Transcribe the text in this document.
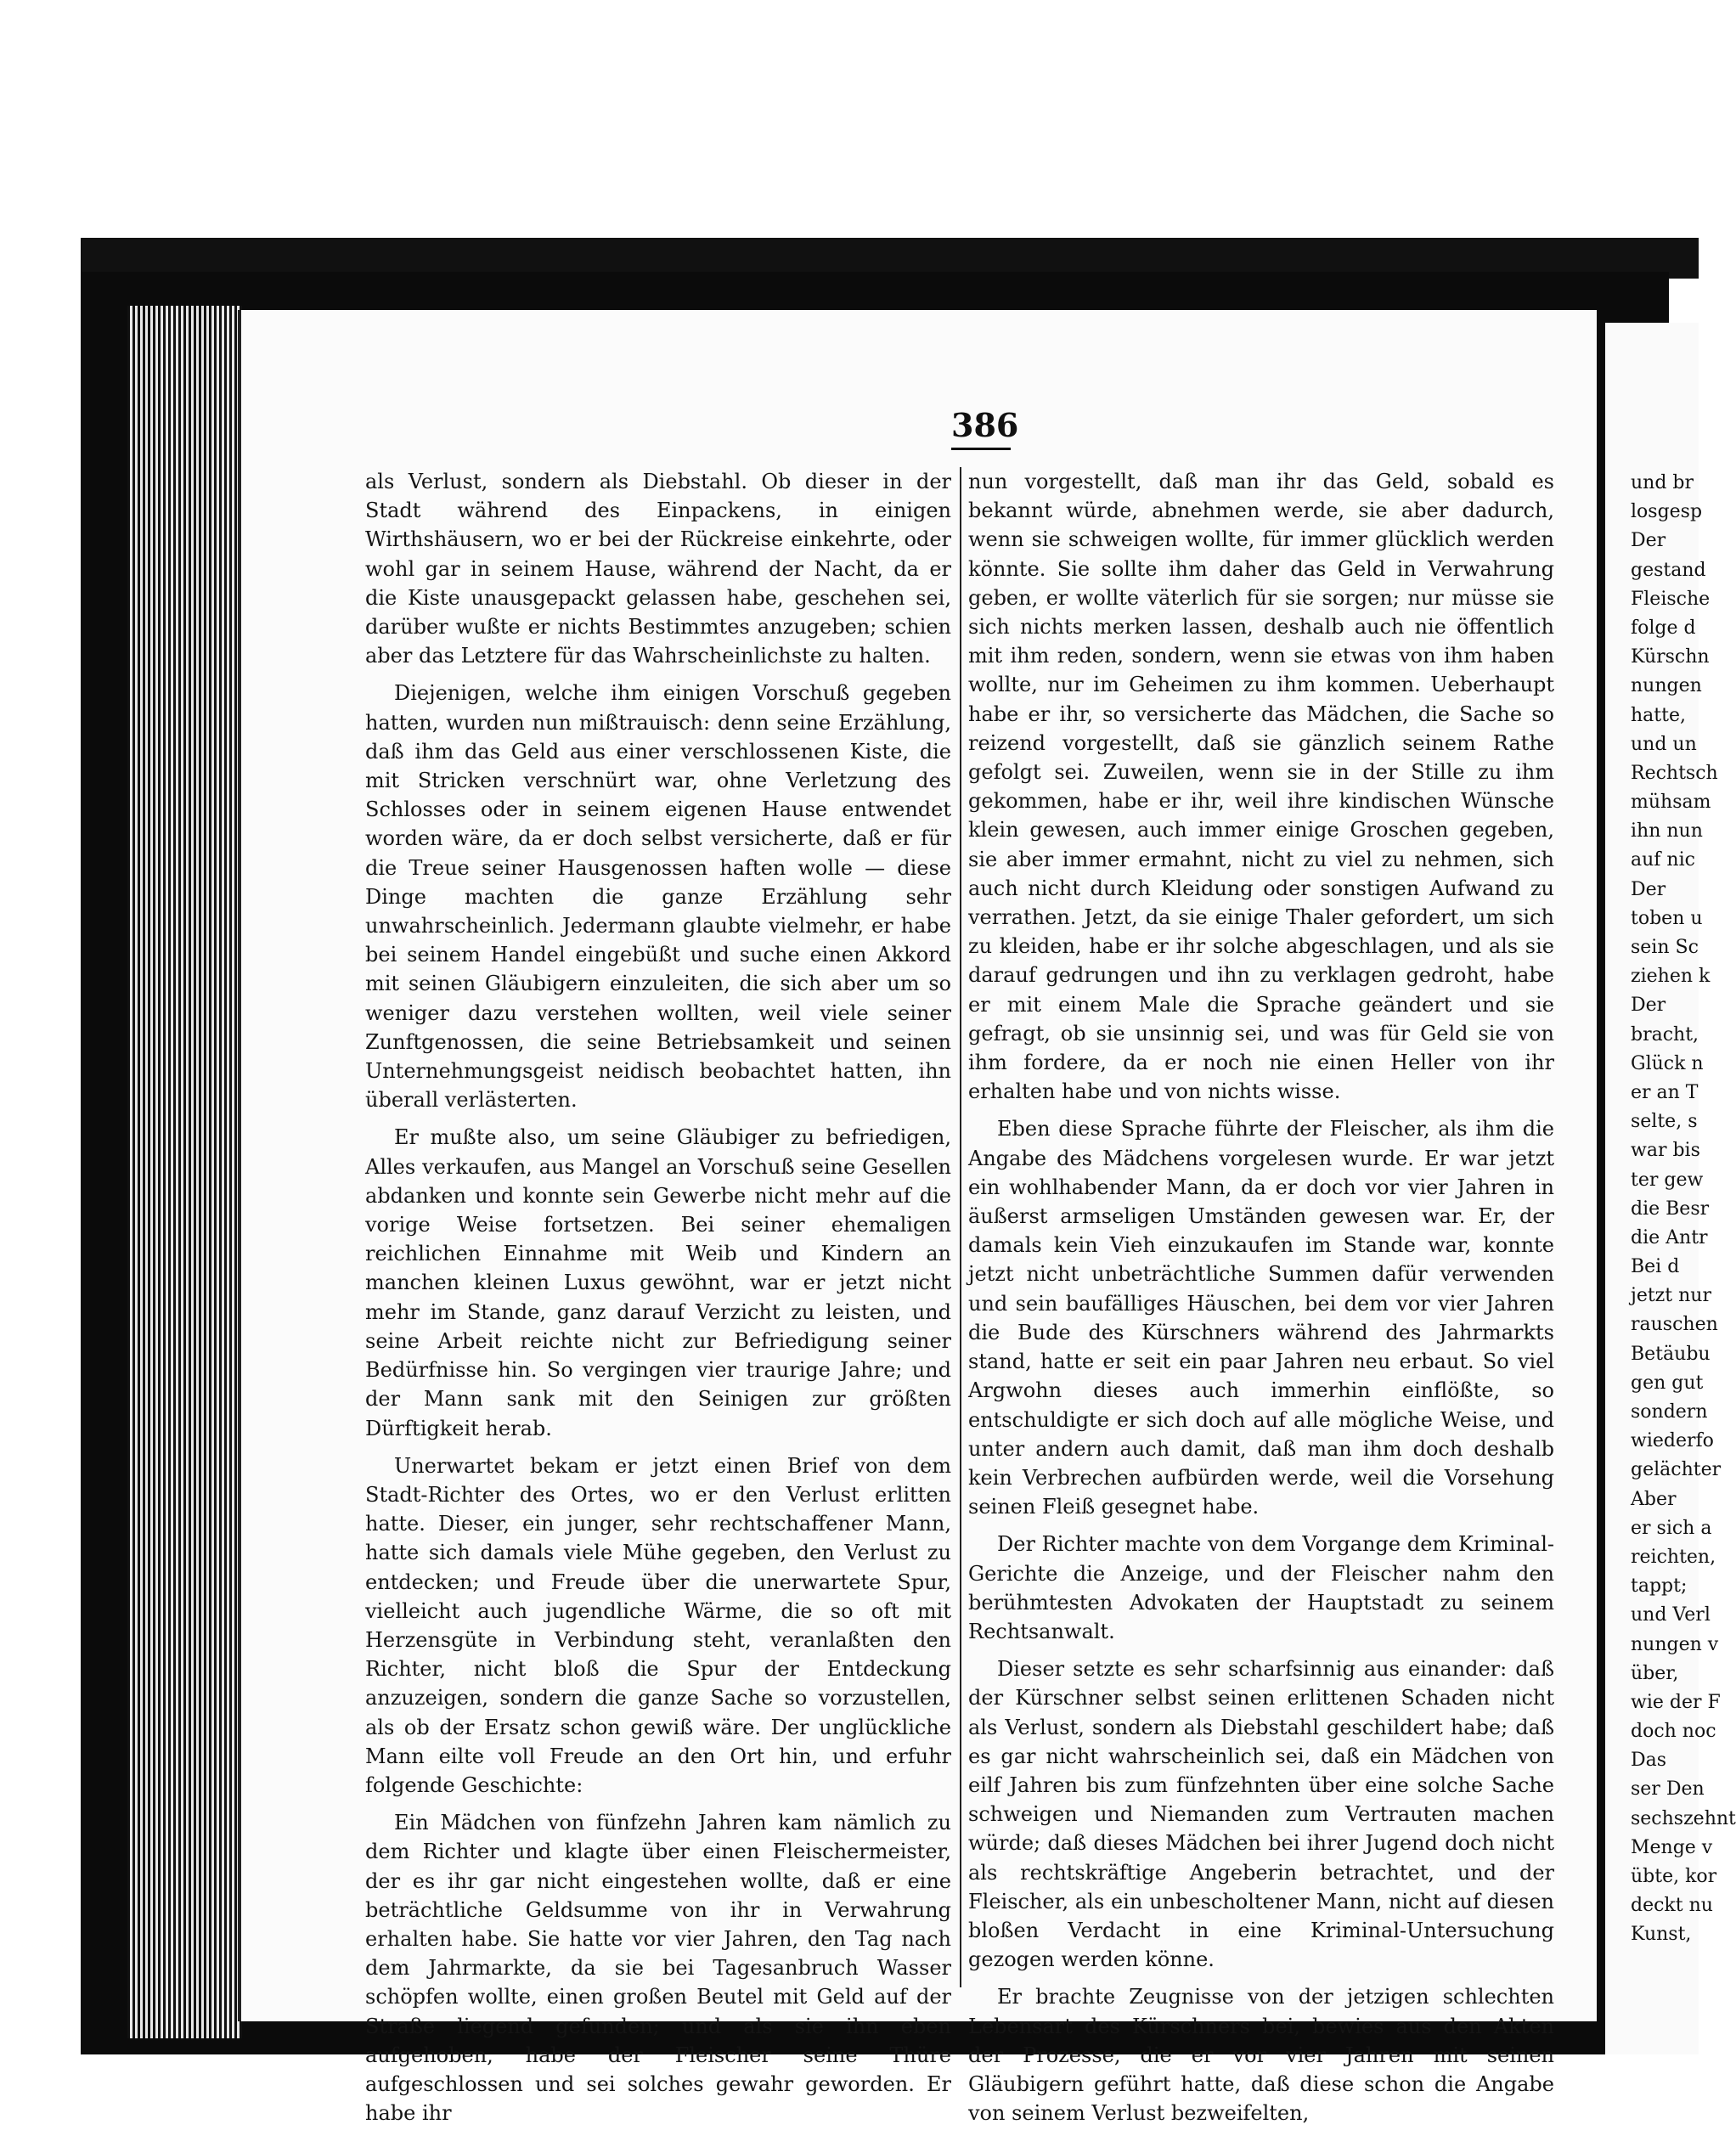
386

als Verlust, sondern als Diebstahl. Ob dieser in der Stadt während des Einpackens, in einigen Wirthshäusern, wo er bei der Rückreise einkehrte, oder wohl gar in seinem Hause, während der Nacht, da er die Kiste unausgepackt gelassen habe, geschehen sei, darüber wußte er nichts Bestimmtes anzugeben; schien aber das Letztere für das Wahrscheinlichste zu halten.

Diejenigen, welche ihm einigen Vorschuß gegeben hatten, wurden nun mißtrauisch: denn seine Erzählung, daß ihm das Geld aus einer verschlossenen Kiste, die mit Stricken verschnürt war, ohne Verletzung des Schlosses oder in seinem eigenen Hause entwendet worden wäre, da er doch selbst versicherte, daß er für die Treue seiner Hausgenossen haften wolle — diese Dinge machten die ganze Erzählung sehr unwahrscheinlich. Jedermann glaubte vielmehr, er habe bei seinem Handel eingebüßt und suche einen Akkord mit seinen Gläubigern einzuleiten, die sich aber um so weniger dazu verstehen wollten, weil viele seiner Zunftgenossen, die seine Betriebsamkeit und seinen Unternehmungsgeist neidisch beobachtet hatten, ihn überall verlästerten.

Er mußte also, um seine Gläubiger zu befriedigen, Alles verkaufen, aus Mangel an Vorschuß seine Gesellen abdanken und konnte sein Gewerbe nicht mehr auf die vorige Weise fortsetzen. Bei seiner ehemaligen reichlichen Einnahme mit Weib und Kindern an manchen kleinen Luxus gewöhnt, war er jetzt nicht mehr im Stande, ganz darauf Verzicht zu leisten, und seine Arbeit reichte nicht zur Befriedigung seiner Bedürfnisse hin. So vergingen vier traurige Jahre; und der Mann sank mit den Seinigen zur größten Dürftigkeit herab.

Unerwartet bekam er jetzt einen Brief von dem Stadt-Richter des Ortes, wo er den Verlust erlitten hatte. Dieser, ein junger, sehr rechtschaffener Mann, hatte sich damals viele Mühe gegeben, den Verlust zu entdecken; und Freude über die unerwartete Spur, vielleicht auch jugendliche Wärme, die so oft mit Herzensgüte in Verbindung steht, veranlaßten den Richter, nicht bloß die Spur der Entdeckung anzuzeigen, sondern die ganze Sache so vorzustellen, als ob der Ersatz schon gewiß wäre. Der unglückliche Mann eilte voll Freude an den Ort hin, und erfuhr folgende Geschichte:

Ein Mädchen von fünfzehn Jahren kam nämlich zu dem Richter und klagte über einen Fleischermeister, der es ihr gar nicht eingestehen wollte, daß er eine beträchtliche Geldsumme von ihr in Verwahrung erhalten habe. Sie hatte vor vier Jahren, den Tag nach dem Jahrmarkte, da sie bei Tagesanbruch Wasser schöpfen wollte, einen großen Beutel mit Geld auf der Straße liegend gefunden; und als sie ihn eben aufgehoben, habe der Fleischer seine Thüre aufgeschlossen und sei solches gewahr geworden. Er habe ihr

nun vorgestellt, daß man ihr das Geld, sobald es bekannt würde, abnehmen werde, sie aber dadurch, wenn sie schweigen wollte, für immer glücklich werden könnte. Sie sollte ihm daher das Geld in Verwahrung geben, er wollte väterlich für sie sorgen; nur müsse sie sich nichts merken lassen, deshalb auch nie öffentlich mit ihm reden, sondern, wenn sie etwas von ihm haben wollte, nur im Geheimen zu ihm kommen. Ueberhaupt habe er ihr, so versicherte das Mädchen, die Sache so reizend vorgestellt, daß sie gänzlich seinem Rathe gefolgt sei. Zuweilen, wenn sie in der Stille zu ihm gekommen, habe er ihr, weil ihre kindischen Wünsche klein gewesen, auch immer einige Groschen gegeben, sie aber immer ermahnt, nicht zu viel zu nehmen, sich auch nicht durch Kleidung oder sonstigen Aufwand zu verrathen. Jetzt, da sie einige Thaler gefordert, um sich zu kleiden, habe er ihr solche abgeschlagen, und als sie darauf gedrungen und ihn zu verklagen gedroht, habe er mit einem Male die Sprache geändert und sie gefragt, ob sie unsinnig sei, und was für Geld sie von ihm fordere, da er noch nie einen Heller von ihr erhalten habe und von nichts wisse.

Eben diese Sprache führte der Fleischer, als ihm die Angabe des Mädchens vorgelesen wurde. Er war jetzt ein wohlhabender Mann, da er doch vor vier Jahren in äußerst armseligen Umständen gewesen war. Er, der damals kein Vieh einzukaufen im Stande war, konnte jetzt nicht unbeträchtliche Summen dafür verwenden und sein baufälliges Häuschen, bei dem vor vier Jahren die Bude des Kürschners während des Jahrmarkts stand, hatte er seit ein paar Jahren neu erbaut. So viel Argwohn dieses auch immerhin einflößte, so entschuldigte er sich doch auf alle mögliche Weise, und unter andern auch damit, daß man ihm doch deshalb kein Verbrechen aufbürden werde, weil die Vorsehung seinen Fleiß gesegnet habe.

Der Richter machte von dem Vorgange dem Kriminal-Gerichte die Anzeige, und der Fleischer nahm den berühmtesten Advokaten der Hauptstadt zu seinem Rechtsanwalt.

Dieser setzte es sehr scharfsinnig aus einander: daß der Kürschner selbst seinen erlittenen Schaden nicht als Verlust, sondern als Diebstahl geschildert habe; daß es gar nicht wahrscheinlich sei, daß ein Mädchen von eilf Jahren bis zum fünfzehnten über eine solche Sache schweigen und Niemanden zum Vertrauten machen würde; daß dieses Mädchen bei ihrer Jugend doch nicht als rechtskräftige Angeberin betrachtet, und der Fleischer, als ein unbescholtener Mann, nicht auf diesen bloßen Verdacht in eine Kriminal-Untersuchung gezogen werden könne.

Er brachte Zeugnisse von der jetzigen schlechten Lebensart des Kürschners bei, bewies aus den Akten der Prozesse, die er vor vier Jahren mit seinen Gläubigern geführt hatte, daß diese schon die Angabe von seinem Verlust bezweifelten,

und br
losgesp
Der
gestand
Fleische
folge d
Kürschn
nungen
hatte,
und un
Rechtsch
mühsam
ihn nun
auf nic
Der
toben u
sein Sc
ziehen k
Der
bracht,
Glück n
er an T
selte, s
war bis
ter gew
die Besr
die Antr
Bei d
jetzt nur
rauschen
Betäubu
gen gut
sondern
wiederfo
gelächter
Aber
er sich a
reichten,
tappt;
und Verl
nungen v
über,
wie der F
doch noc
Das
ser Den
sechszehnt
Menge v
übte, kor
deckt nu
Kunst,
